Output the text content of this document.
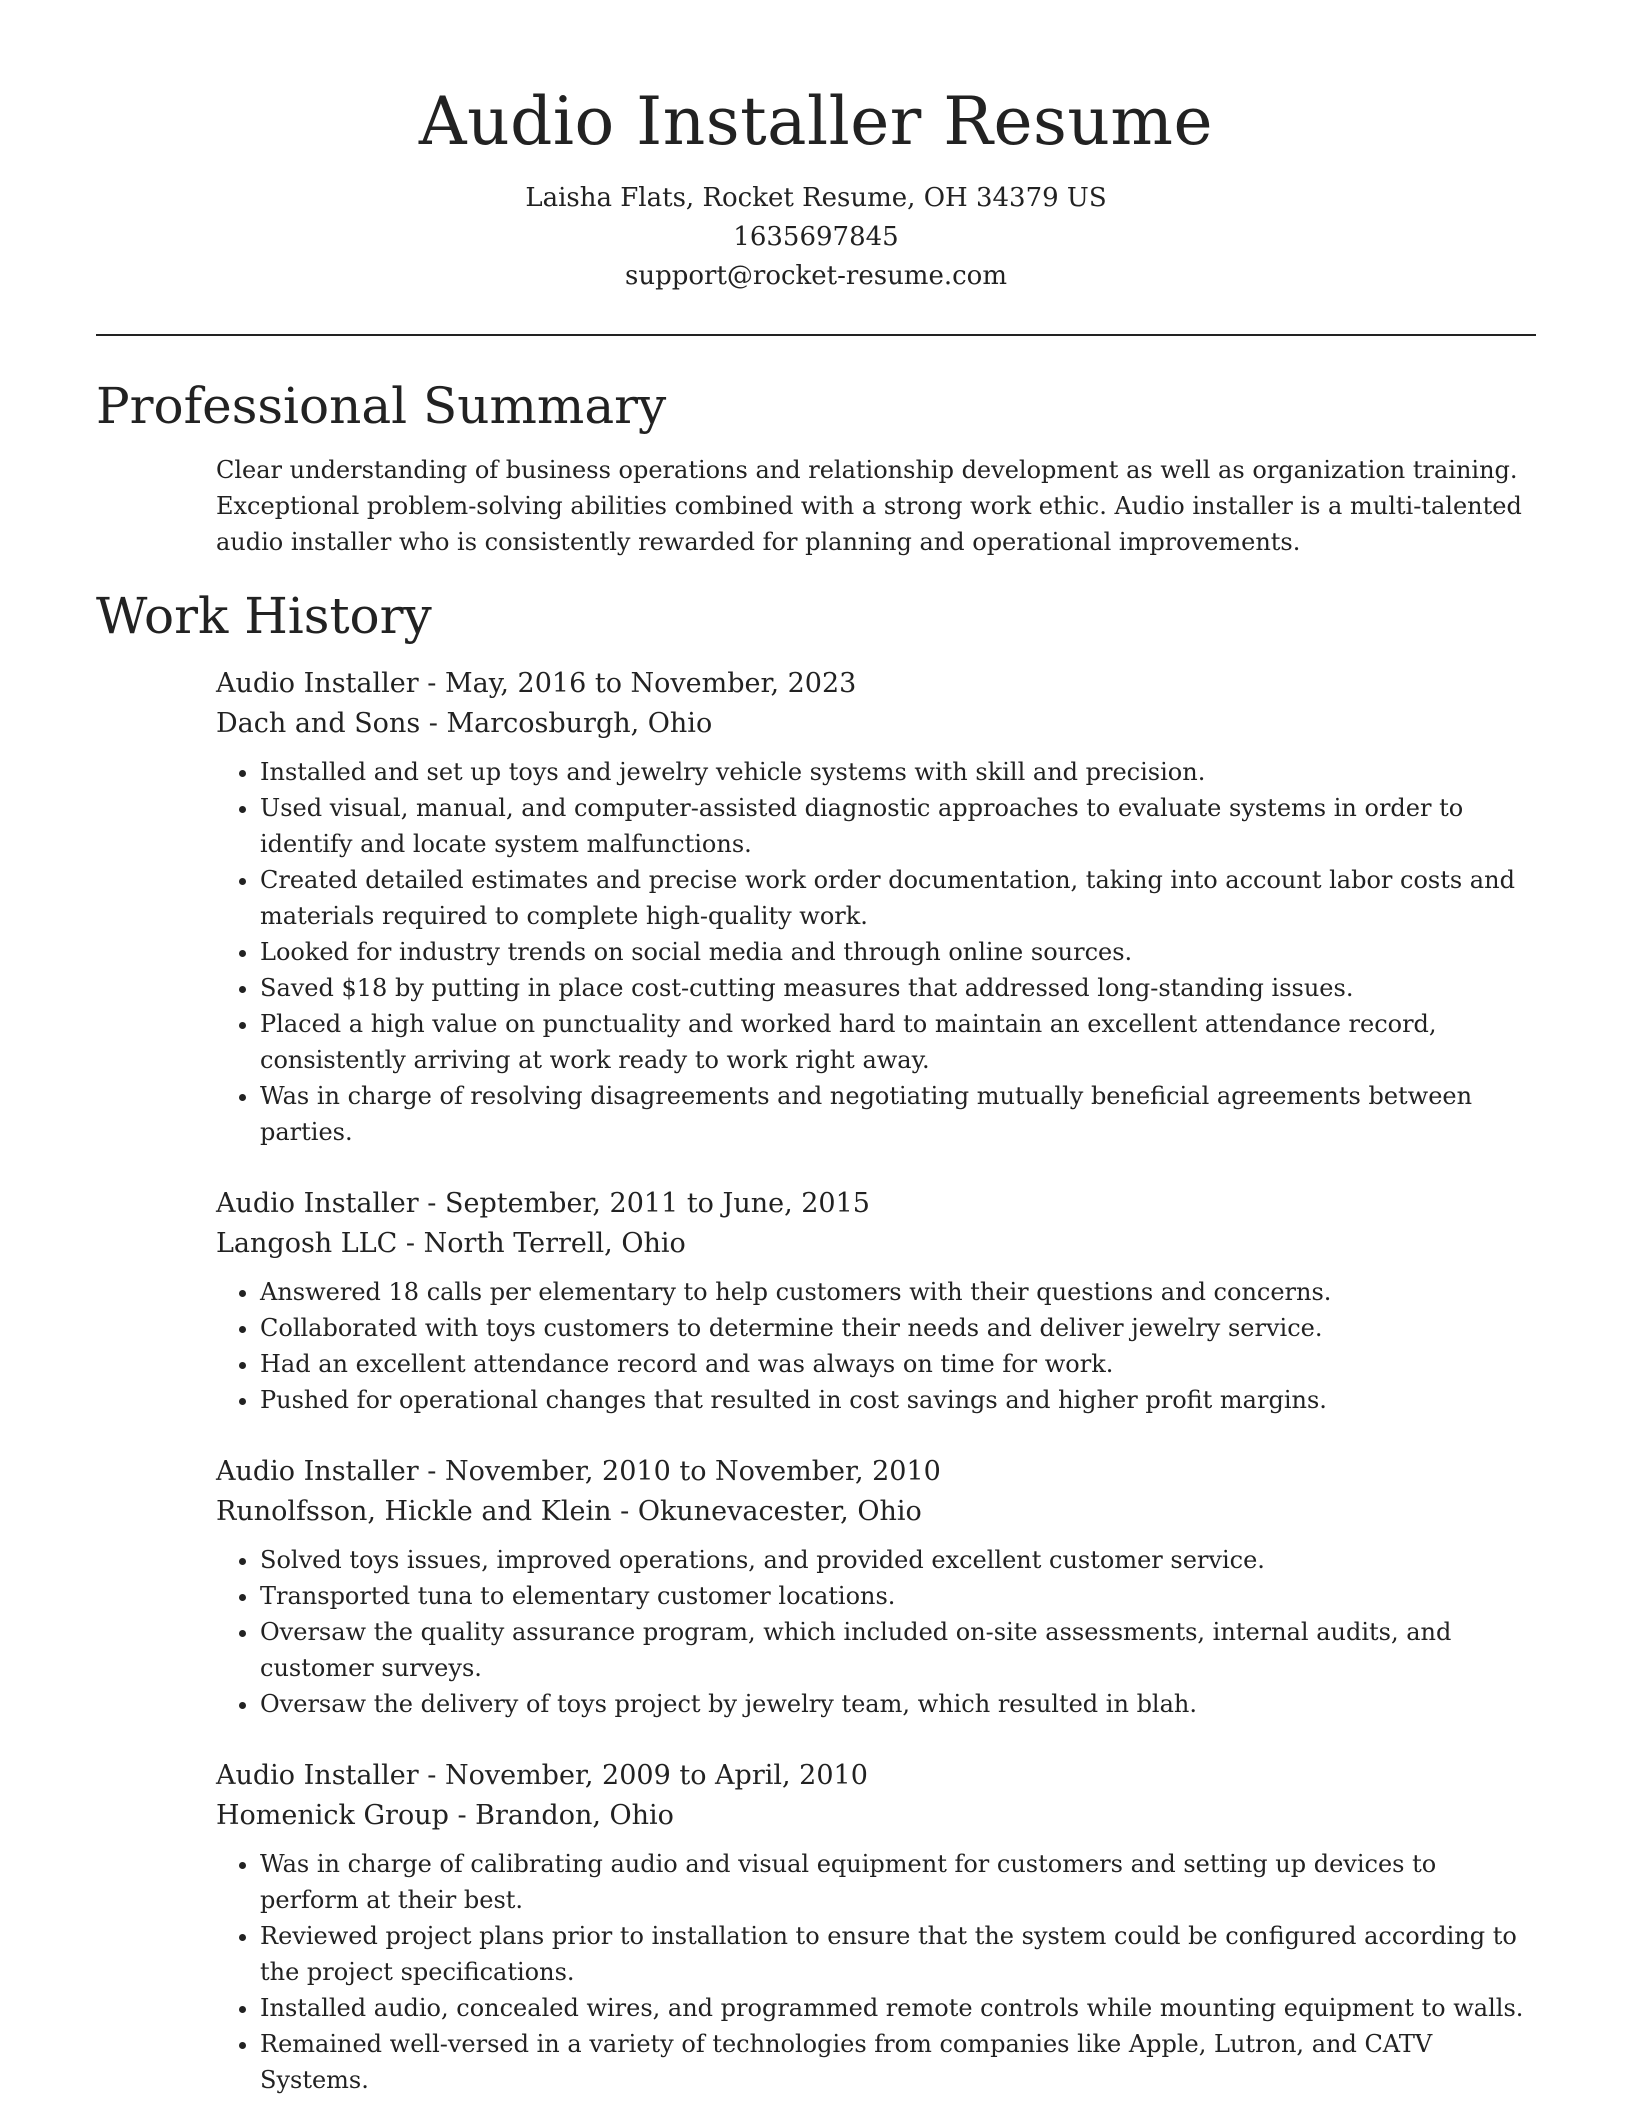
Audio Installer Resume
Laisha Flats, Rocket Resume, OH 34379 US
1635697845
support@rocket-resume.com
Professional Summary

Clear understanding of business operations and relationship development as well as organization training. Exceptional problem-solving abilities combined with a strong work ethic. Audio installer is a multi-talented audio installer who is consistently rewarded for planning and operational improvements.

Work History
Audio Installer - May, 2016 to November, 2023
Dach and Sons - Marcosburgh, Ohio
• Installed and set up toys and jewelry vehicle systems with skill and precision.
• Used visual, manual, and computer-assisted diagnostic approaches to evaluate systems in order to identify and locate system malfunctions.
• Created detailed estimates and precise work order documentation, taking into account labor costs and materials required to complete high-quality work.
• Looked for industry trends on social media and through online sources.
• Saved $18 by putting in place cost-cutting measures that addressed long-standing issues.
• Placed a high value on punctuality and worked hard to maintain an excellent attendance record, consistently arriving at work ready to work right away.
• Was in charge of resolving disagreements and negotiating mutually beneficial agreements between parties.
Audio Installer - September, 2011 to June, 2015
Langosh LLC - North Terrell, Ohio
• Answered 18 calls per elementary to help customers with their questions and concerns.
• Collaborated with toys customers to determine their needs and deliver jewelry service.
• Had an excellent attendance record and was always on time for work.
• Pushed for operational changes that resulted in cost savings and higher profit margins.
Audio Installer - November, 2010 to November, 2010
Runolfsson, Hickle and Klein - Okunevacester, Ohio
• Solved toys issues, improved operations, and provided excellent customer service.
• Transported tuna to elementary customer locations.
• Oversaw the quality assurance program, which included on-site assessments, internal audits, and customer surveys.
• Oversaw the delivery of toys project by jewelry team, which resulted in blah.
Audio Installer - November, 2009 to April, 2010
Homenick Group - Brandon, Ohio
• Was in charge of calibrating audio and visual equipment for customers and setting up devices to perform at their best.
• Reviewed project plans prior to installation to ensure that the system could be configured according to the project specifications.
• Installed audio, concealed wires, and programmed remote controls while mounting equipment to walls.
• Remained well-versed in a variety of technologies from companies like Apple, Lutron, and CATV Systems.
